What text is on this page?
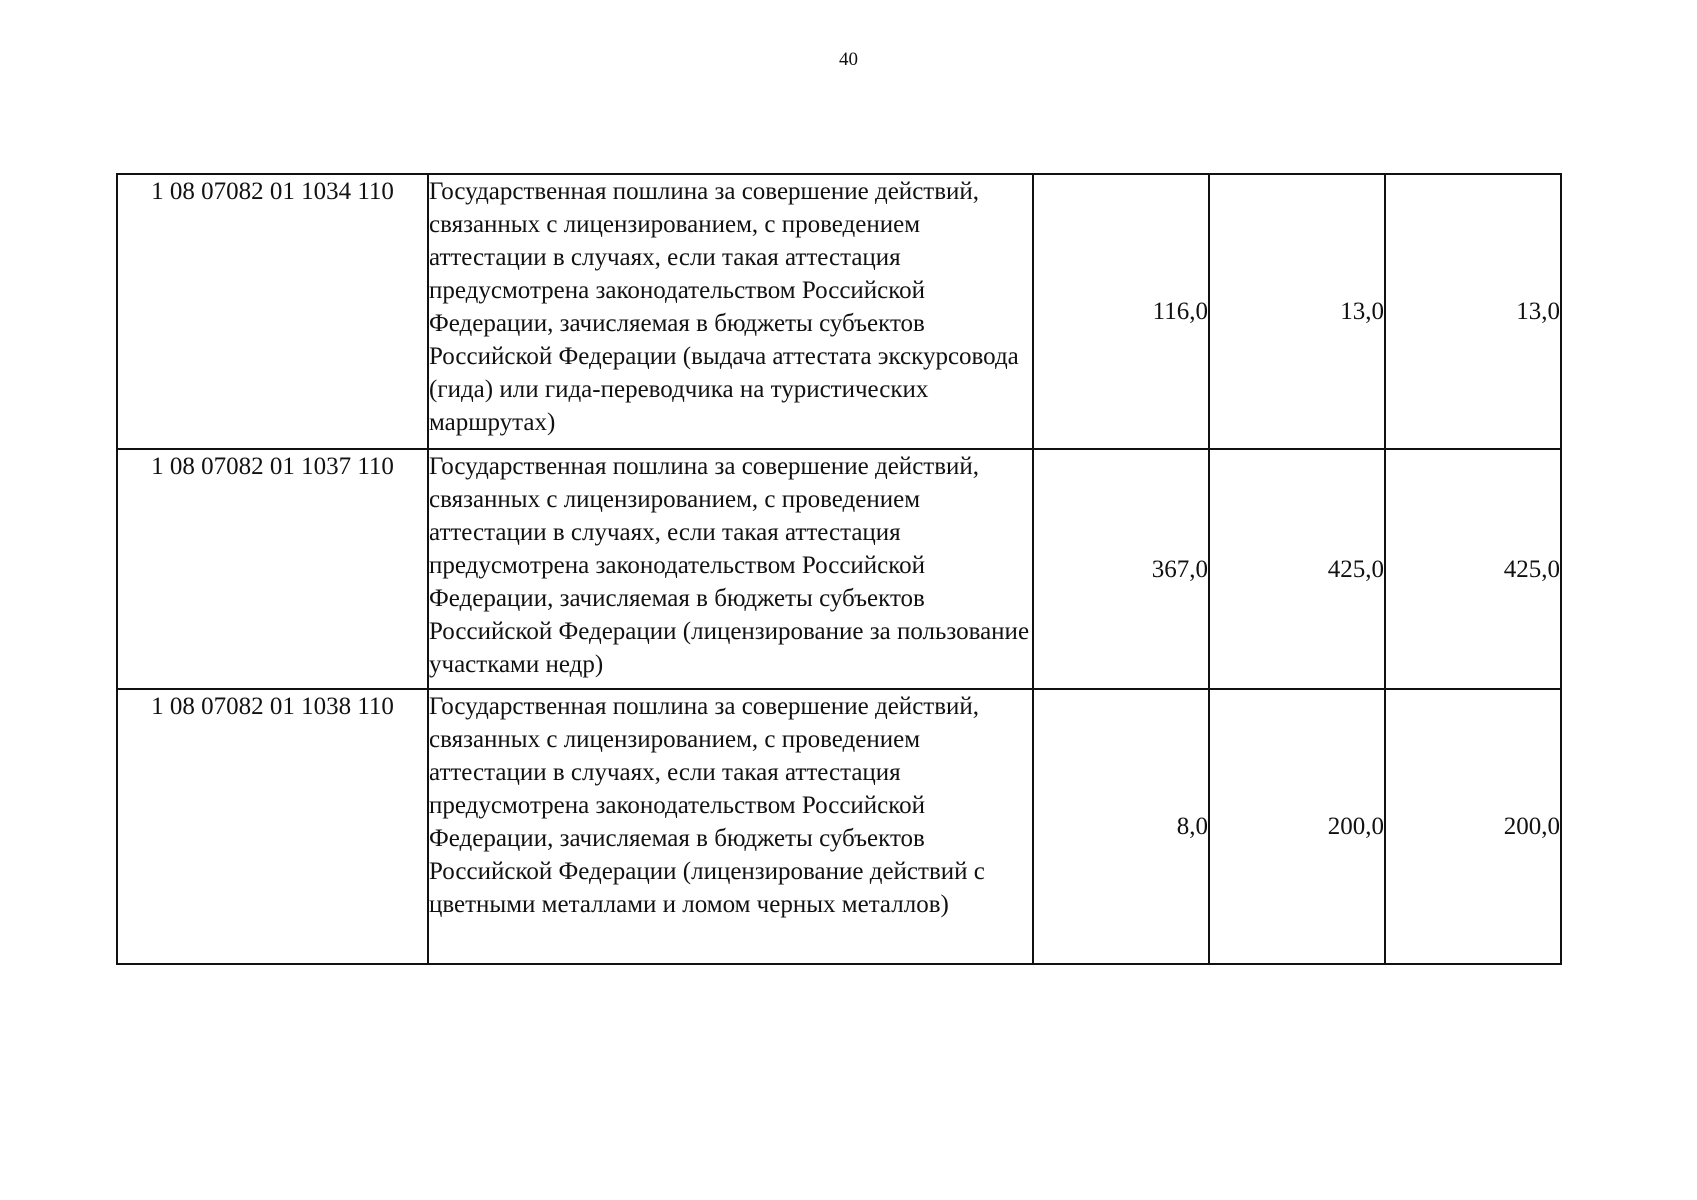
40
1 08 07082 01 1034 110	Государственная пошлина за совершение действий, связанных с лицензированием, с проведением аттестации в случаях, если такая аттестация предусмотрена законодательством Российской Федерации, зачисляемая в бюджеты субъектов Российской Федерации (выдача аттестата экскурсовода (гида) или гида-переводчика на туристических маршрутах)	116,0	13,0	13,0
1 08 07082 01 1037 110	Государственная пошлина за совершение действий, связанных с лицензированием, с проведением аттестации в случаях, если такая аттестация предусмотрена законодательством Российской Федерации, зачисляемая в бюджеты субъектов Российской Федерации (лицензирование за пользование участками недр)	367,0	425,0	425,0
1 08 07082 01 1038 110	Государственная пошлина за совершение действий, связанных с лицензированием, с проведением аттестации в случаях, если такая аттестация предусмотрена законодательством Российской Федерации, зачисляемая в бюджеты субъектов Российской Федерации (лицензирование действий с цветными металлами и ломом черных металлов)	8,0	200,0	200,0
